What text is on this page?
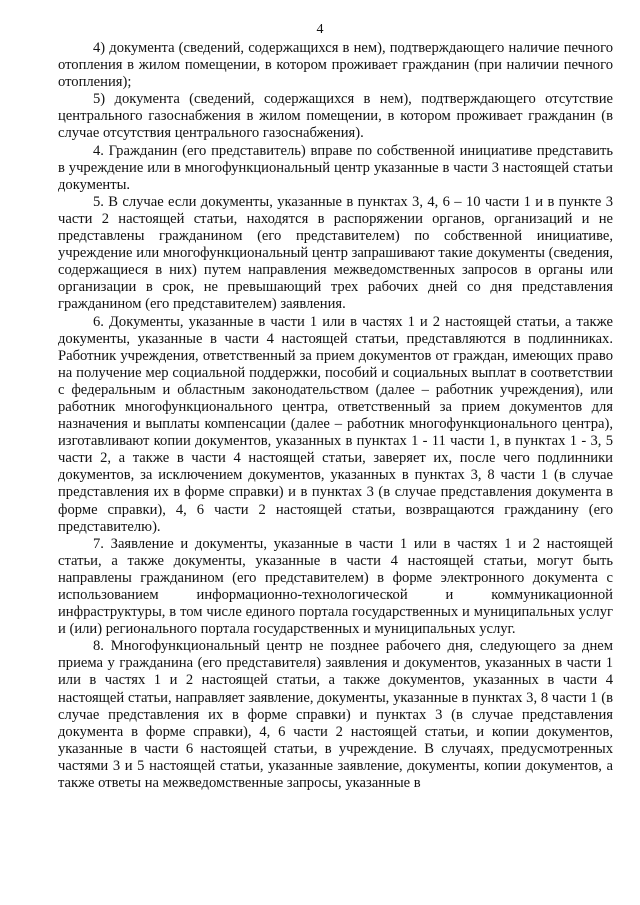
4

4) документа (сведений, содержащихся в нем), подтверждающего наличие печного отопления в жилом помещении, в котором проживает гражданин (при наличии печного отопления);

5) документа (сведений, содержащихся в нем), подтверждающего отсутствие центрального газоснабжения в жилом помещении, в котором проживает гражданин (в случае отсутствия центрального газоснабжения).

4. Гражданин (его представитель) вправе по собственной инициативе представить в учреждение или в многофункциональный центр указанные в части 3 настоящей статьи документы.

5. В случае если документы, указанные в пунктах 3, 4, 6 – 10 части 1 и в пункте 3 части 2 настоящей статьи, находятся в распоряжении органов, организаций и не представлены гражданином (его представителем) по собственной инициативе, учреждение или многофункциональный центр запрашивают такие документы (сведения, содержащиеся в них) путем направления межведомственных запросов в органы или организации в срок, не превышающий трех рабочих дней со дня представления гражданином (его представителем) заявления.

6. Документы, указанные в части 1 или в частях 1 и 2 настоящей статьи, а также документы, указанные в части 4 настоящей статьи, представляются в подлинниках. Работник учреждения, ответственный за прием документов от граждан, имеющих право на получение мер социальной поддержки, пособий и социальных выплат в соответствии с федеральным и областным законодательством (далее – работник учреждения), или работник многофункционального центра, ответственный за прием документов для назначения и выплаты компенсации (далее – работник многофункционального центра), изготавливают копии документов, указанных в пунктах 1 - 11 части 1, в пунктах 1 - 3, 5 части 2, а также в части 4 настоящей статьи, заверяет их, после чего подлинники документов, за исключением документов, указанных в пунктах 3, 8 части 1 (в случае представления их в форме справки) и в пунктах 3 (в случае представления документа в форме справки), 4, 6 части 2 настоящей статьи, возвращаются гражданину (его представителю).

7. Заявление и документы, указанные в части 1 или в частях 1 и 2 настоящей статьи, а также документы, указанные в части 4 настоящей статьи, могут быть направлены гражданином (его представителем) в форме электронного документа с использованием информационно-технологической и коммуникационной инфраструктуры, в том числе единого портала государственных и муниципальных услуг и (или) регионального портала государственных и муниципальных услуг.

8. Многофункциональный центр не позднее рабочего дня, следующего за днем приема у гражданина (его представителя) заявления и документов, указанных в части 1 или в частях 1 и 2 настоящей статьи, а также документов, указанных в части 4 настоящей статьи, направляет заявление, документы, указанные в пунктах 3, 8 части 1 (в случае представления их в форме справки) и пунктах 3 (в случае представления документа в форме справки), 4, 6 части 2 настоящей статьи, и копии документов, указанные в части 6 настоящей статьи, в учреждение. В случаях, предусмотренных частями 3 и 5 настоящей статьи, указанные заявление, документы, копии документов, а также ответы на межведомственные запросы, указанные в
